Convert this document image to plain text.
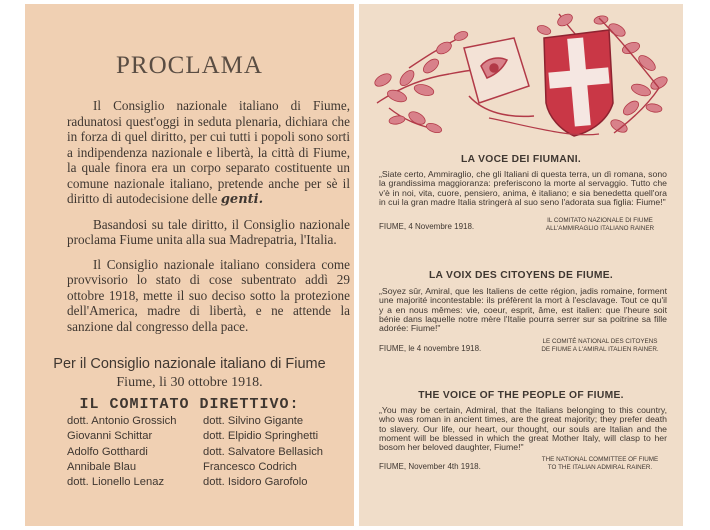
PROCLAMA

Il Consiglio nazionale italiano di Fiume, radunatosi quest'oggi in seduta plenaria, dichiara che in forza di quel diritto, per cui tutti i popoli sono sorti a indipendenza nazionale e libertà, la città di Fiume, la quale finora era un corpo separato costituente un comune nazionale italiano, pretende anche per sè il diritto di autodecisione delle genti.

Basandosi su tale diritto, il Consiglio nazionale proclama Fiume unita alla sua Madrepatria, l'Italia.

Il Consiglio nazionale italiano considera come provvisorio lo stato di cose subentrato addì 29 ottobre 1918, mette il suo deciso sotto la protezione dell'America, madre di libertà, e ne attende la sanzione dal congresso della pace.

Per il Consiglio nazionale italiano di Fiume
Fiume, li 30 ottobre 1918.
IL COMITATO DIRETTIVO:
dott. Antonio Grossich
Giovanni Schittar
Adolfo Gotthardi
Annibale Blau
dott. Lionello Lenaz
dott. Silvino Gigante
dott. Elpidio Springhetti
dott. Salvatore Bellasich
Francesco Codrich
dott. Isidoro Garofolo
LA VOCE DEI FIUMANI.
„Siate certo, Ammiraglio, che gli Italiani di questa terra, un dì romana, sono la grandissima maggioranza: preferiscono la morte al servaggio. Tutto che v'è in noi, vita, cuore, pensiero, anima, è italiano; e sia benedetta quell'ora in cui la gran madre Italia stringerà al suo seno l'adorata sua figlia: Fiume!"
FIUME, 4 Novembre 1918.
IL COMITATO NAZIONALE DI FIUME
ALL'AMMIRAGLIO ITALIANO RAINER
LA VOIX DES CITOYENS DE FIUME.
„Soyez sûr, Amiral, que les Italiens de cette région, jadis romaine, forment une majorité incontestable: ils préfèrent la mort à l'esclavage. Tout ce qu'il y a en nous mêmes: vie, coeur, esprit, âme, est italien: que l'heure soit bénie dans laquelle notre mère l'Italie pourra serrer sur sa poitrine sa fille adorée: Fiume!"
FIUME, le 4 novembre 1918.
LE COMITÉ NATIONAL DES CITOYENS
DE FIUME A L'AMIRAL ITALIEN RAINER.
THE VOICE OF THE PEOPLE OF FIUME.
„You may be certain, Admiral, that the Italians belonging to this country, who was roman in ancient times, are the great majority; they prefer death to slavery. Our life, our heart, our thought, our souls are Italian and the moment will be blessed in which the great Mother Italy, will clasp to her bosom her beloved daughter, Fiume!"
FIUME, November 4th 1918.
THE NATIONAL COMMITTEE OF FIUME
TO THE ITALIAN ADMIRAL RAINER.
